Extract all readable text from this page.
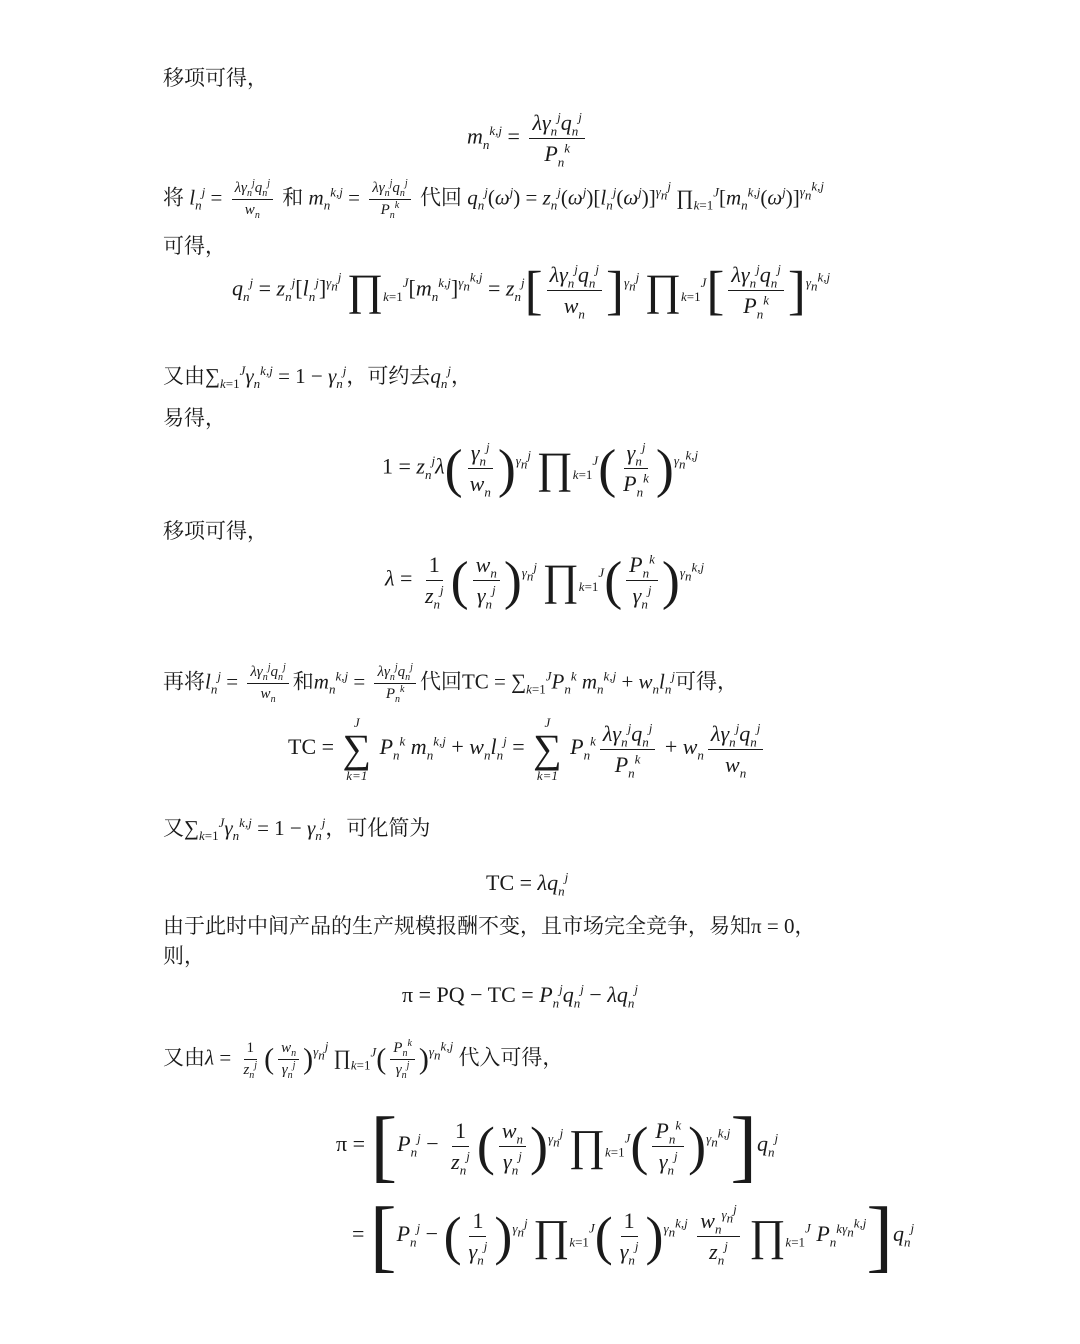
移项可得，
$m_n^{k,j} = \frac{\lambda\gamma_n^jq_n^j}{P_n^k}$
将 $l_n^j = \frac{\lambda\gamma_n^jq_n^j}{w_n}$ 和 $m_n^{k,j} = \frac{\lambda\gamma_n^jq_n^j}{P_n^k}$ 代回 $q_n^j(\omega^j) = z_n^j(\omega^j)[l_n^j(\omega^j)]^{\gamma_n^j}$ $\prod_{k=1}^J[m_n^{k,j}(\omega^j)]^{\gamma_n^{k,j}}$
可得，
$q_n^j = z_n^j[l_n^j]^{\gamma_n^j}$ $\prod_{k=1}^J[m_n^{k,j}]^{\gamma_n^{k,j}} = z_n^j[ \frac{\lambda\gamma_n^jq_n^j}{w_n} ]^{\gamma_n^j}$ $\prod_{k=1}^J[ \frac{\lambda\gamma_n^jq_n^j}{P_n^k} ]^{\gamma_n^{k,j}}$
又由$\sum_{k=1}^J\gamma_n^{k,j} = 1 - \gamma_n^j$，可约去$q_n^j$，
易得，
$1 = z_n^j\lambda( \frac{\gamma_n^j}{w_n} )^{\gamma_n^j}$ $\prod_{k=1}^J( \frac{\gamma_n^j}{P_n^k} )^{\gamma_n^{k,j}}$
移项可得，
$\lambda = \frac{1}{z_n^j}$ ( $\frac{w_n}{\gamma_n^j} )^{\gamma_n^j}$ $\prod_{k=1}^J( \frac{P_n^k}{\gamma_n^j} )^{\gamma_n^{k,j}}$
再将$l_n^j = \frac{\lambda\gamma_n^jq_n^j}{w_n}$ 和$m_n^{k,j} = \frac{\lambda\gamma_n^jq_n^j}{P_n^k}$ 代回TC = $\sum_{k=1}^JP_n^k$ $m_n^{k,j} + w_nl_n^j$可得，
TC =
J
∑
k=1
$P_n^k$ $m_n^{k,j} + w_nl_n^j$ =
J
∑
k=1
$P_n^k \frac{\lambda\gamma_n^jq_n^j}{P_n^k} + w_n \frac{\lambda\gamma_n^jq_n^j}{w_n}$
又$\sum_{k=1}^J\gamma_n^{k,j} = 1 - \gamma_n^j$，可化简为
TC = $\lambda q_n^j$
由于此时中间产品的生产规模报酬不变，且市场完全竞争，易知π = 0，
则，
π = PQ − TC = $P_n^jq_n^j - \lambda q_n^j$
又由$\lambda = \frac{1}{z_n^j}$ ( $\frac{w_n}{\gamma_n^j} )^{\gamma_n^j}$ $\prod_{k=1}^J( \frac{P_n^k}{\gamma_n^j} )^{\gamma_n^{k,j}}$ 代入可得，
$\pi = [P_n^j - \frac{1}{z_n^j}$ ( $\frac{w_n}{\gamma_n^j} )^{\gamma_n^j}$ $\prod_{k=1}^J( \frac{P_n^k}{\gamma_n^j} )^{\gamma_n^{k,j}}]q_n^j$
= [$P_n^j$ − ( $\frac{1}{\gamma_n^j} )^{\gamma_n^j}$ $\prod_{k=1}^J( \frac{1}{\gamma_n^j} )^{\gamma_n^{k,j}} \frac{w_n^{\gamma_n^j}}{z_n^j}$ $\prod_{k=1}^J$ $P_n^{k\gamma_n^{k,j}}]q_n^j$
